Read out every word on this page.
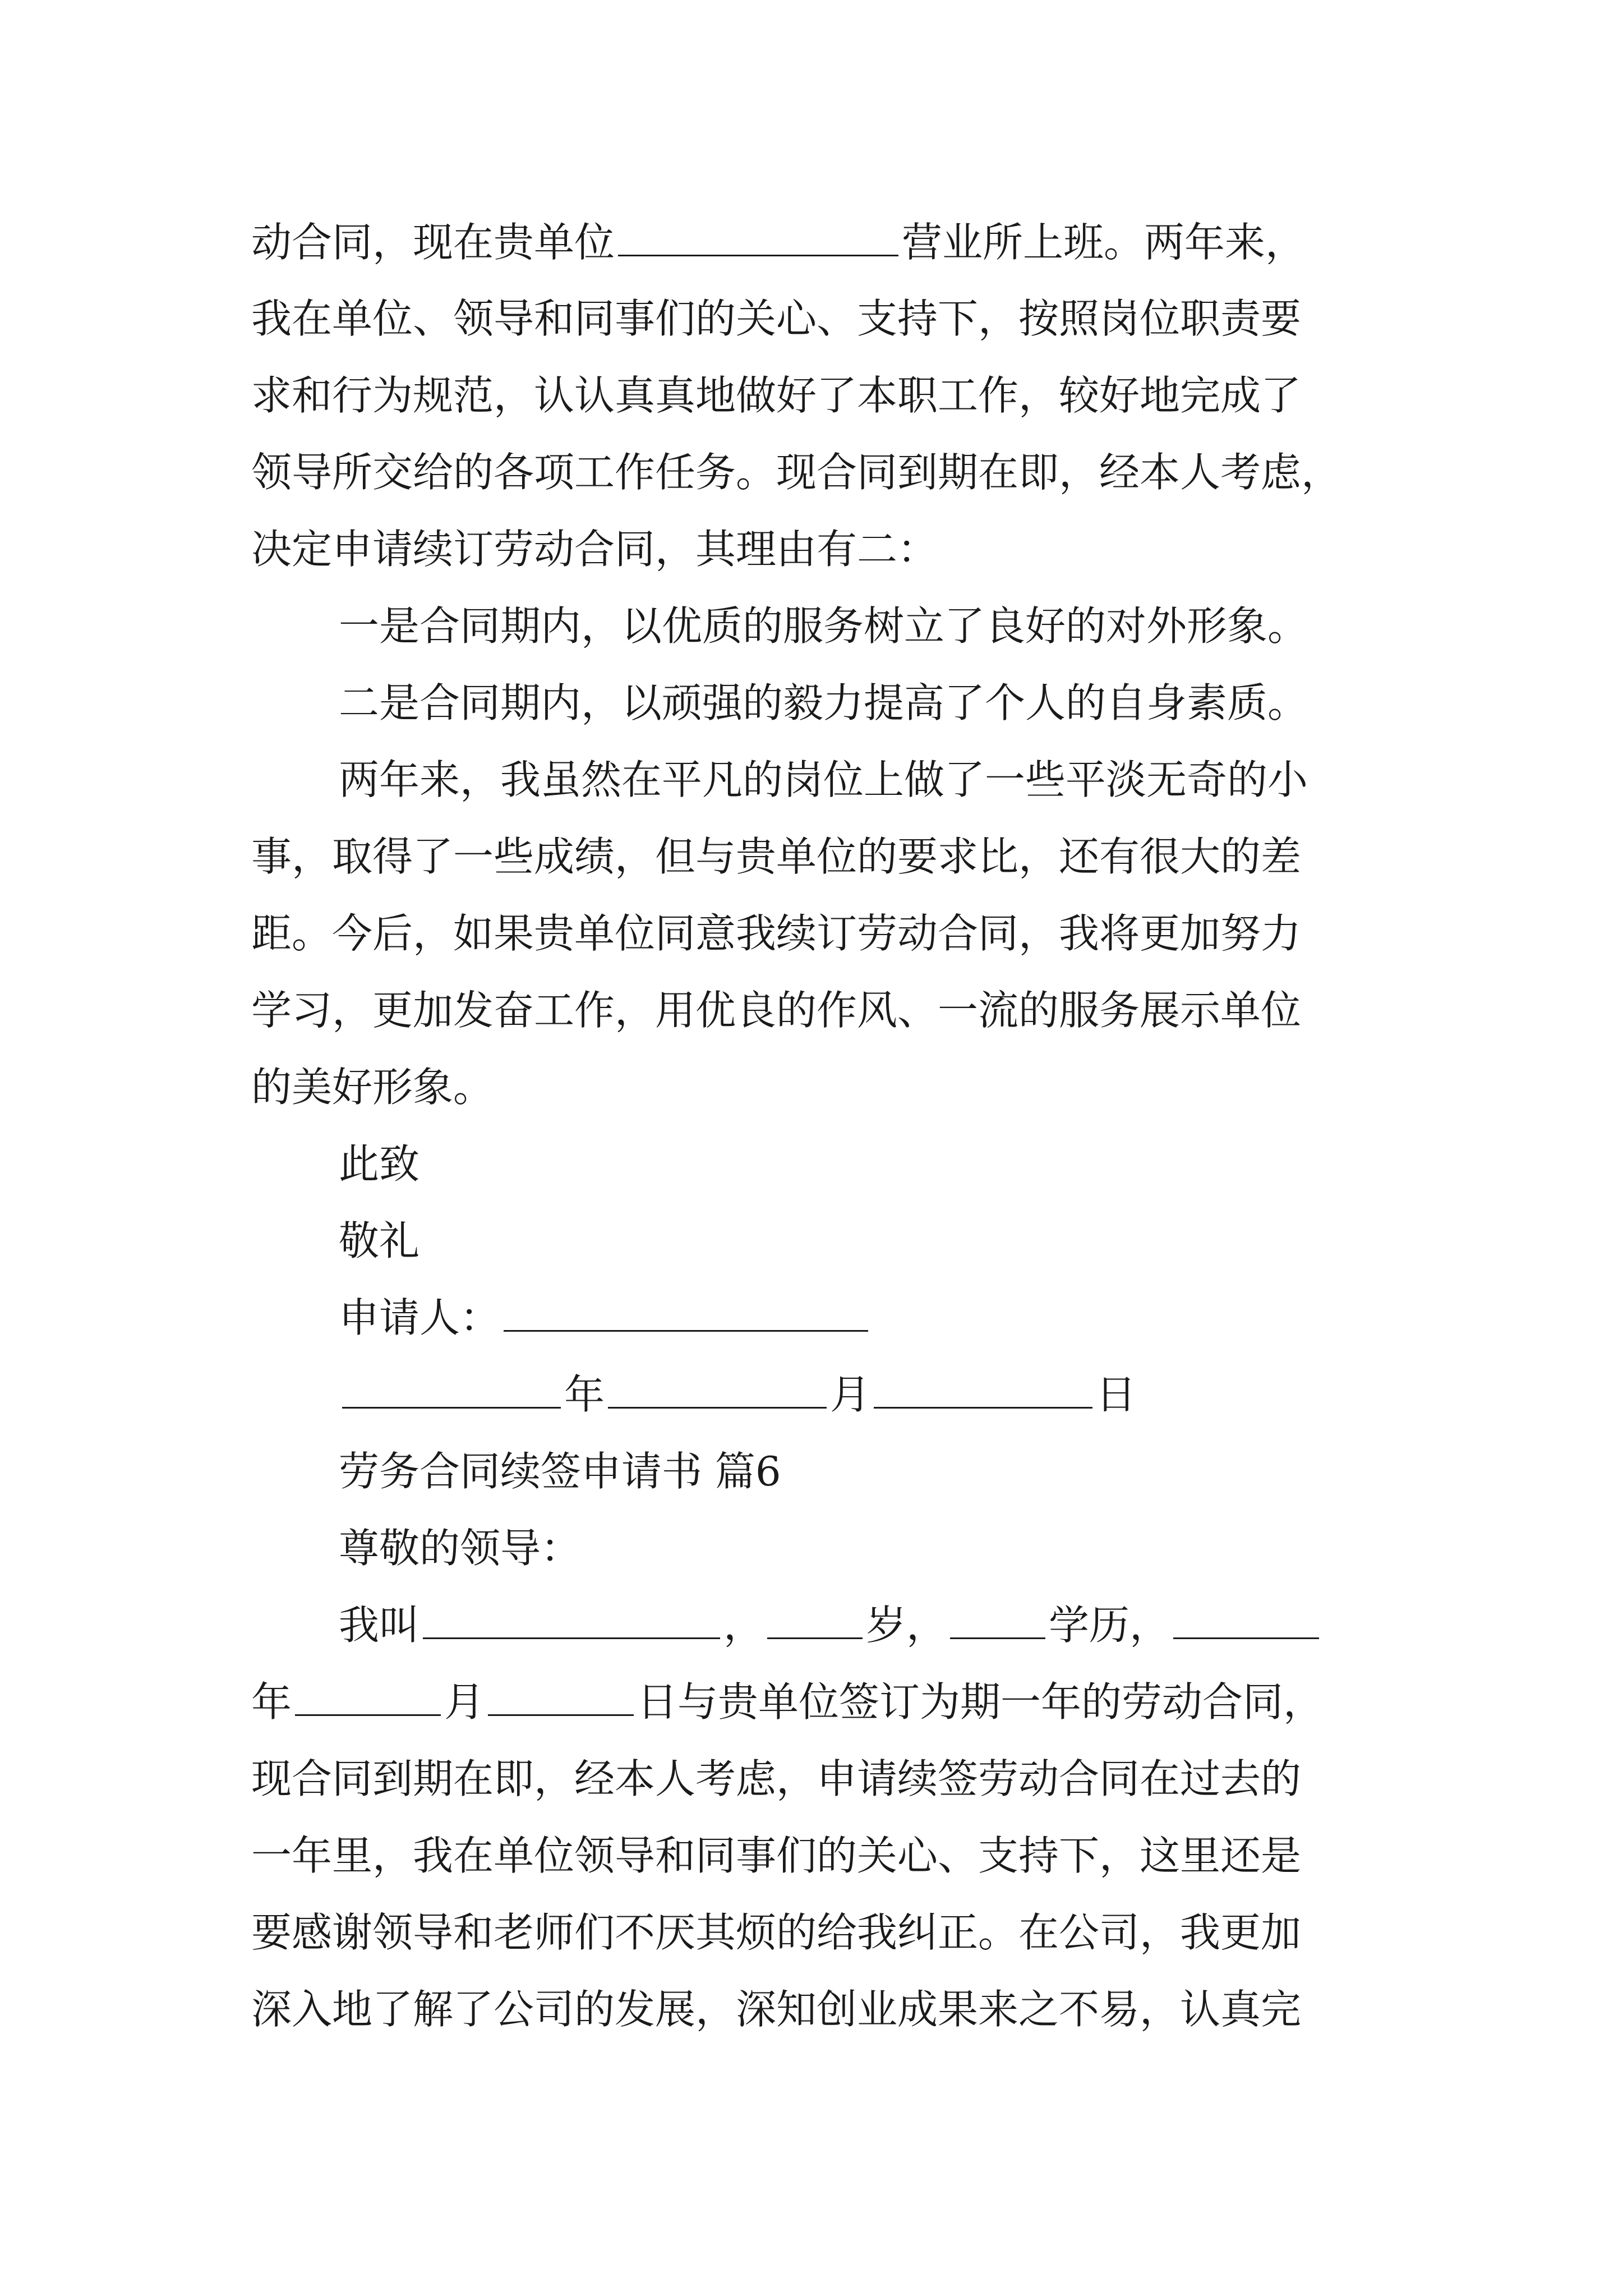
动合同，现在贵单位	营业所上班。两年来，
我在单位、领导和同事们的关心、支持下，按照岗位职责要
求和行为规范，认认真真地做好了本职工作，较好地完成了
领导所交给的各项工作任务。现合同到期在即，经本人考虑，
决定申请续订劳动合同，其理由有二：
一是合同期内，以优质的服务树立了良好的对外形象。
二是合同期内，以顽强的毅力提高了个人的自身素质。
两年来，我虽然在平凡的岗位上做了一些平淡无奇的小
事，取得了一些成绩，但与贵单位的要求比，还有很大的差
距。今后，如果贵单位同意我续订劳动合同，我将更加努力
学习，更加发奋工作，用优良的作风、一流的服务展示单位
的美好形象。
此致
敬礼
申请人：
年	月	日
劳务合同续签申请书 篇6
尊敬的领导：
我叫	，	岁，	学历，
年	月	日与贵单位签订为期一年的劳动合同，
现合同到期在即，经本人考虑，申请续签劳动合同在过去的
一年里，我在单位领导和同事们的关心、支持下，这里还是
要感谢领导和老师们不厌其烦的给我纠正。在公司，我更加
深入地了解了公司的发展，深知创业成果来之不易，认真完
